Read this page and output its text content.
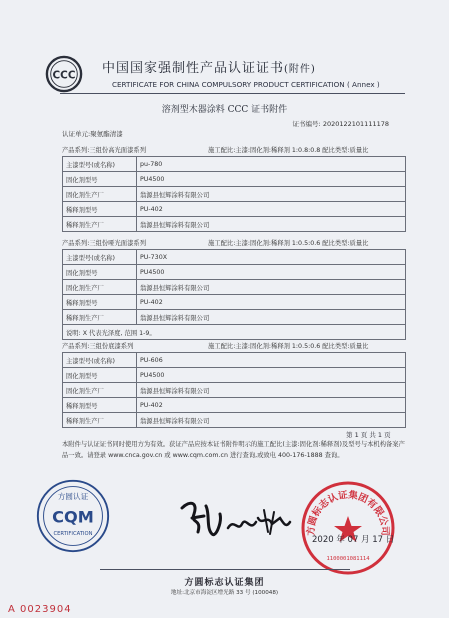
CCC 中国国家强制性产品认证证书(附件)
CERTIFICATE FOR CHINA COMPULSORY PRODUCT CERTIFICATION ( Annex )
溶剂型木器涂料 CCC 证书附件
证书编号: 2020122101111178
认证单元:聚氨酯清漆
产品系列:三组份高光面漆系列	施工配比:主漆:固化剂:稀释剂 1:0.8:0.8 配比类型:质量比
主漆型号(或名称)	pu-780
固化剂型号	PU4500
固化剂生产厂	翁源县恒辉涂料有限公司
稀释剂型号	PU-402
稀释剂生产厂	翁源县恒辉涂料有限公司
产品系列:三组份哑光面漆系列	施工配比:主漆:固化剂:稀释剂 1:0.5:0.6 配比类型:质量比
主漆型号(或名称)	PU-730X
固化剂型号	PU4500
固化剂生产厂	翁源县恒辉涂料有限公司
稀释剂型号	PU-402
稀释剂生产厂	翁源县恒辉涂料有限公司
说明: X 代表光泽度, 范围 1-9。	
产品系列:三组份底漆系列	施工配比:主漆:固化剂:稀释剂 1:0.5:0.6 配比类型:质量比
主漆型号(或名称)	PU-606
固化剂型号	PU4500
固化剂生产厂	翁源县恒辉涂料有限公司
稀释剂型号	PU-402
稀释剂生产厂	翁源县恒辉涂料有限公司
第 1 页 共 1 页
本附件与认证证书同时使用方为有效。获证产品应按本证书附件明示的施工配比(主漆:固化剂:稀释剂)及型号与本机构备案产品一致。请登录 www.cnca.gov.cn 或 www.cqm.com.cn 进行查询,或致电 400-176-1888 查询。
方圆认证
CQM
CERTIFICATION	方圆标志认证集团有限公司
1100001081114
2020 年 07 月 17 日
方圆标志认证集团
地址:北京市海淀区增光路 33 号 (100048)
A 0023904
